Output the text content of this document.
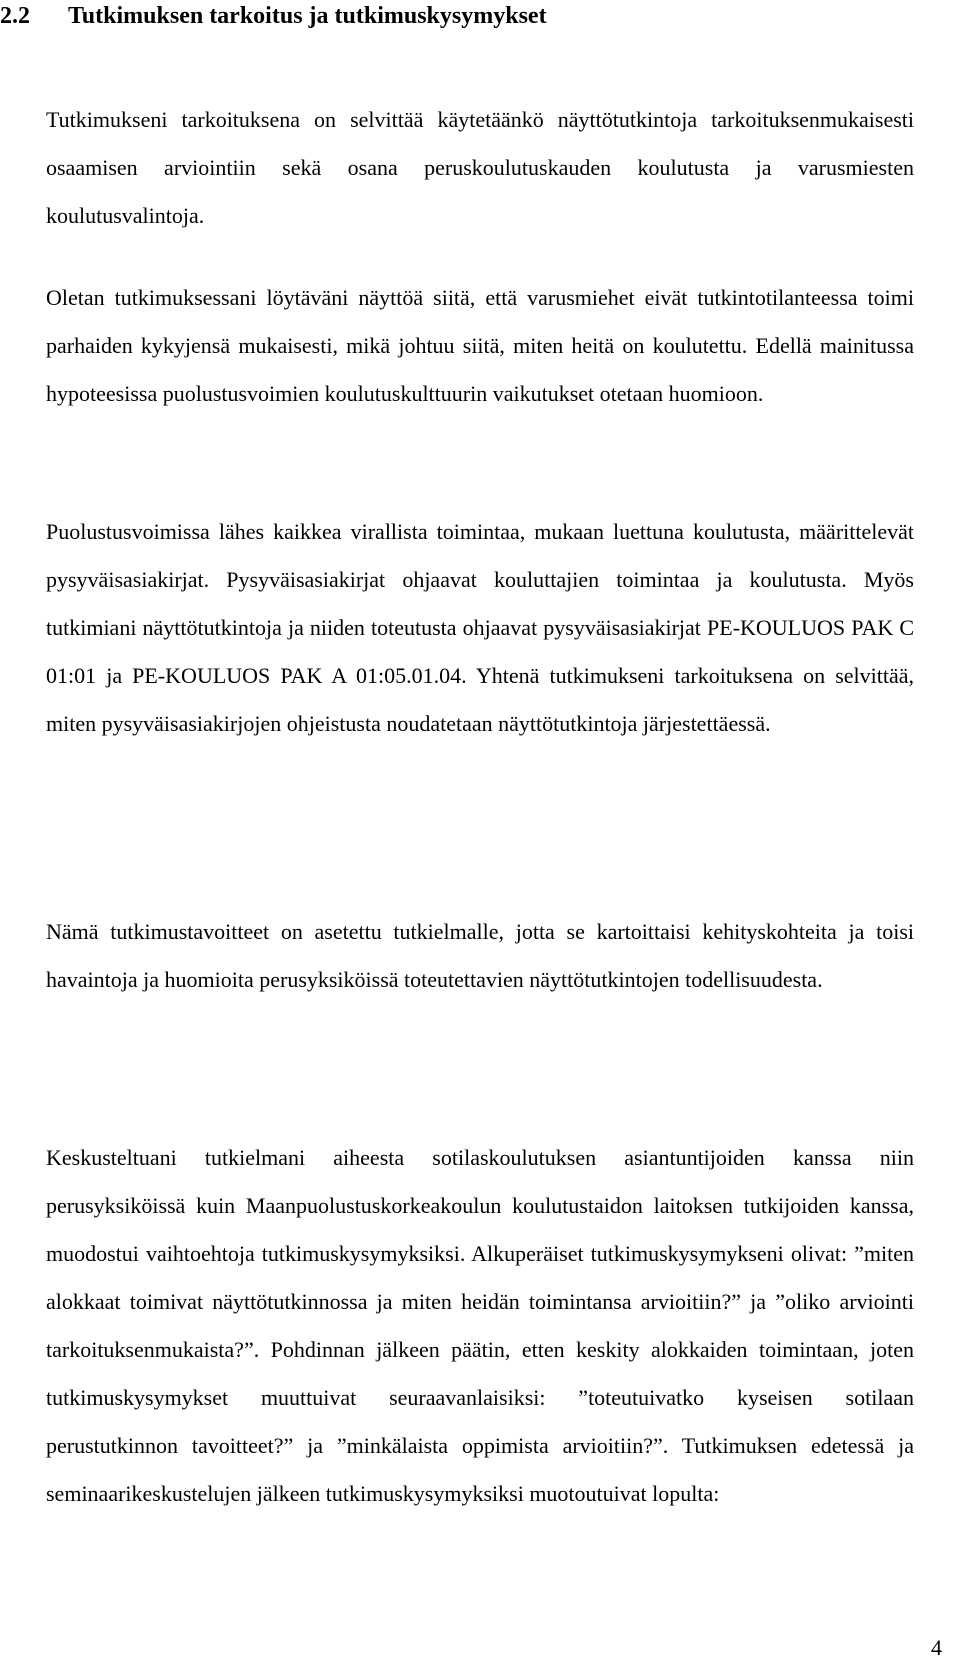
2.2 Tutkimuksen tarkoitus ja tutkimuskysymykset

Tutkimukseni tarkoituksena on selvittää käytetäänkö näyttötutkintoja tarkoituksenmukaisesti osaamisen arviointiin sekä osana peruskoulutuskauden koulutusta ja varusmiesten koulutusvalintoja.

Oletan tutkimuksessani löytäväni näyttöä siitä, että varusmiehet eivät tutkintotilanteessa toimi parhaiden kykyjensä mukaisesti, mikä johtuu siitä, miten heitä on koulutettu. Edellä mainitussa hypoteesissa puolustusvoimien koulutuskulttuurin vaikutukset otetaan huomioon.

Puolustusvoimissa lähes kaikkea virallista toimintaa, mukaan luettuna koulutusta, määrittelevät pysyväisasiakirjat. Pysyväisasiakirjat ohjaavat kouluttajien toimintaa ja koulutusta. Myös tutkimiani näyttötutkintoja ja niiden toteutusta ohjaavat pysyväisasiakirjat PE-KOULUOS PAK C 01:01 ja PE-KOULUOS PAK A 01:05.01.04. Yhtenä tutkimukseni tarkoituksena on selvittää, miten pysyväisasiakirjojen ohjeistusta noudatetaan näyttötutkintoja järjestettäessä.

Nämä tutkimustavoitteet on asetettu tutkielmalle, jotta se kartoittaisi kehityskohteita ja toisi havaintoja ja huomioita perusyksiköissä toteutettavien näyttötutkintojen todellisuudesta.

Keskusteltuani tutkielmani aiheesta sotilaskoulutuksen asiantuntijoiden kanssa niin perusyksiköissä kuin Maanpuolustuskorkeakoulun koulutustaidon laitoksen tutkijoiden kanssa, muodostui vaihtoehtoja tutkimuskysymyksiksi. Alkuperäiset tutkimuskysymykseni olivat: ”miten alokkaat toimivat näyttötutkinnossa ja miten heidän toimintansa arvioitiin?” ja ”oliko arviointi tarkoituksenmukaista?”. Pohdinnan jälkeen päätin, etten keskity alokkaiden toimintaan, joten tutkimuskysymykset muuttuivat seuraavanlaisiksi: ”toteutuivatko kyseisen sotilaan perustutkinnon tavoitteet?” ja ”minkälaista oppimista arvioitiin?”. Tutkimuksen edetessä ja seminaarikeskustelujen jälkeen tutkimuskysymyksiksi muotoutuivat lopulta:

4
